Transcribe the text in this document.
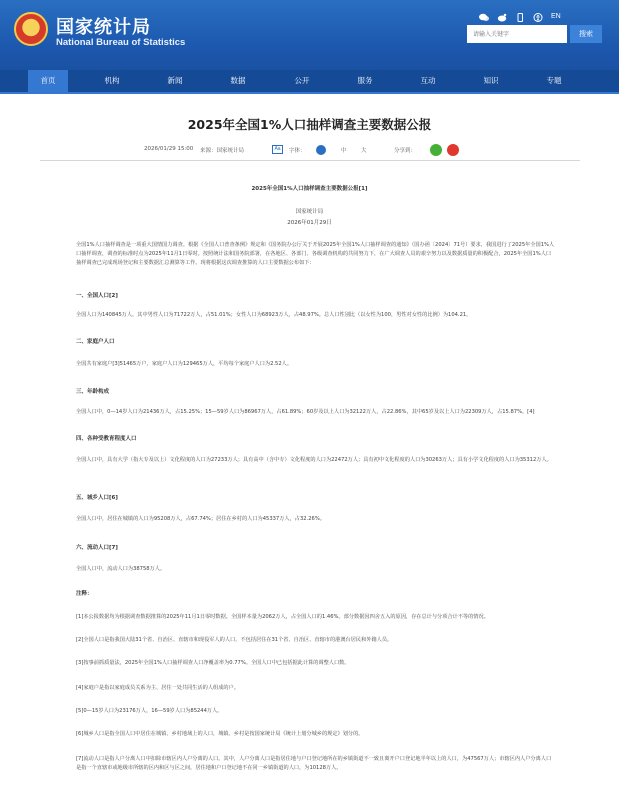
国家统计局
National Bureau of Statistics
EN
请输入关键字
搜索
首页	机构	新闻	数据	公开	服务	互动	知识	专题
2025年全国1%人口抽样调查主要数据公报
2026/01/29 15:00 来源：国家统计局	Aa	字体：	中	大	分享到：
2025年全国1%人口抽样调查主要数据公报[1]
国家统计局
2026年01月29日
全国1%人口抽样调查是一项重大国情国力调查。根据《全国人口普查条例》规定和《国务院办公厅关于开展2025年全国1%人口抽样调查的通知》（国办函〔2024〕71号）要求，我国进行了2025年全国1%人口抽样调查，调查的标准时点为2025年11月1日零时。按照统计法和国务院部署，在各地区、各部门、各级调查机构的共同努力下，在广大调查人员的艰辛努力以及数据质量的积极配合，2025年全国1%人口抽样调查已完成现场登记和主要数据汇总测算等工作。现将根据这次调查推算的人口主要数据公布如下：
一、全国人口[2]
全国人口为140845万人，其中男性人口为71722万人，占51.01%；女性人口为68923万人，占48.97%。总人口性别比（以女性为100，男性对女性的比例）为104.21。
二、家庭户人口
全国共有家庭户[3]51465万户，家庭户人口为129465万人，平均每个家庭户人口为2.52人。
三、年龄构成
全国人口中，0—14岁人口为21436万人，占15.25%；15—59岁人口为86967万人，占61.89%；60岁及以上人口为32122万人，占22.86%，其中65岁及以上人口为22309万人，占15.87%。[4]
四、各种受教育程度人口
全国人口中，具有大学（指大专及以上）文化程度的人口为27233万人；具有高中（含中专）文化程度的人口为22472万人；具有初中文化程度的人口为30263万人；具有小学文化程度的人口为35312万人。
五、城乡人口[6]
全国人口中，居住在城镇的人口为95208万人，占67.74%；居住在乡村的人口为45337万人，占32.26%。
六、流动人口[7]
全国人口中，流动人口为38758万人。
注释：
[1]本公报数据均为根据调查数据推算的2025年11月1日零时数据。全国样本量为2062万人，占全国人口的1.46%。部分数据因四舍五入的原因，存在总计与分项合计不等的情况。
[2]全国人口是指我国大陆31个省、自治区、直辖市和现役军人的人口，不包括居住在31个省、自治区、直辖市的港澳台居民和外籍人员。
[3]按事前抓质量法，2025年全国1%人口抽样调查人口净覆盖率为0.77%。全国人口中已包括据此计算的调整人口数。
[4]家庭户是指以家庭成员关系为主、居住一处共同生活的人组成的户。
[5]0—15岁人口为23176万人，16—59岁人口为85244万人。
[6]城乡人口是指全国人口中居住在城镇、乡村地域上的人口，城镇、乡村是按国家统计局《统计上划分城乡的规定》划分的。
[7]流动人口是指人户分离人口中扣除市辖区内人户分离的人口。其中，人户分离人口是指居住地与户口登记地所在的乡镇街道不一致且离开户口登记地半年以上的人口，为47567万人；市辖区内人户分离人口是指一个直辖市或地级市所辖的区内和区与区之间，居住地和户口登记地不在同一乡镇街道的人口，为10128万人。
